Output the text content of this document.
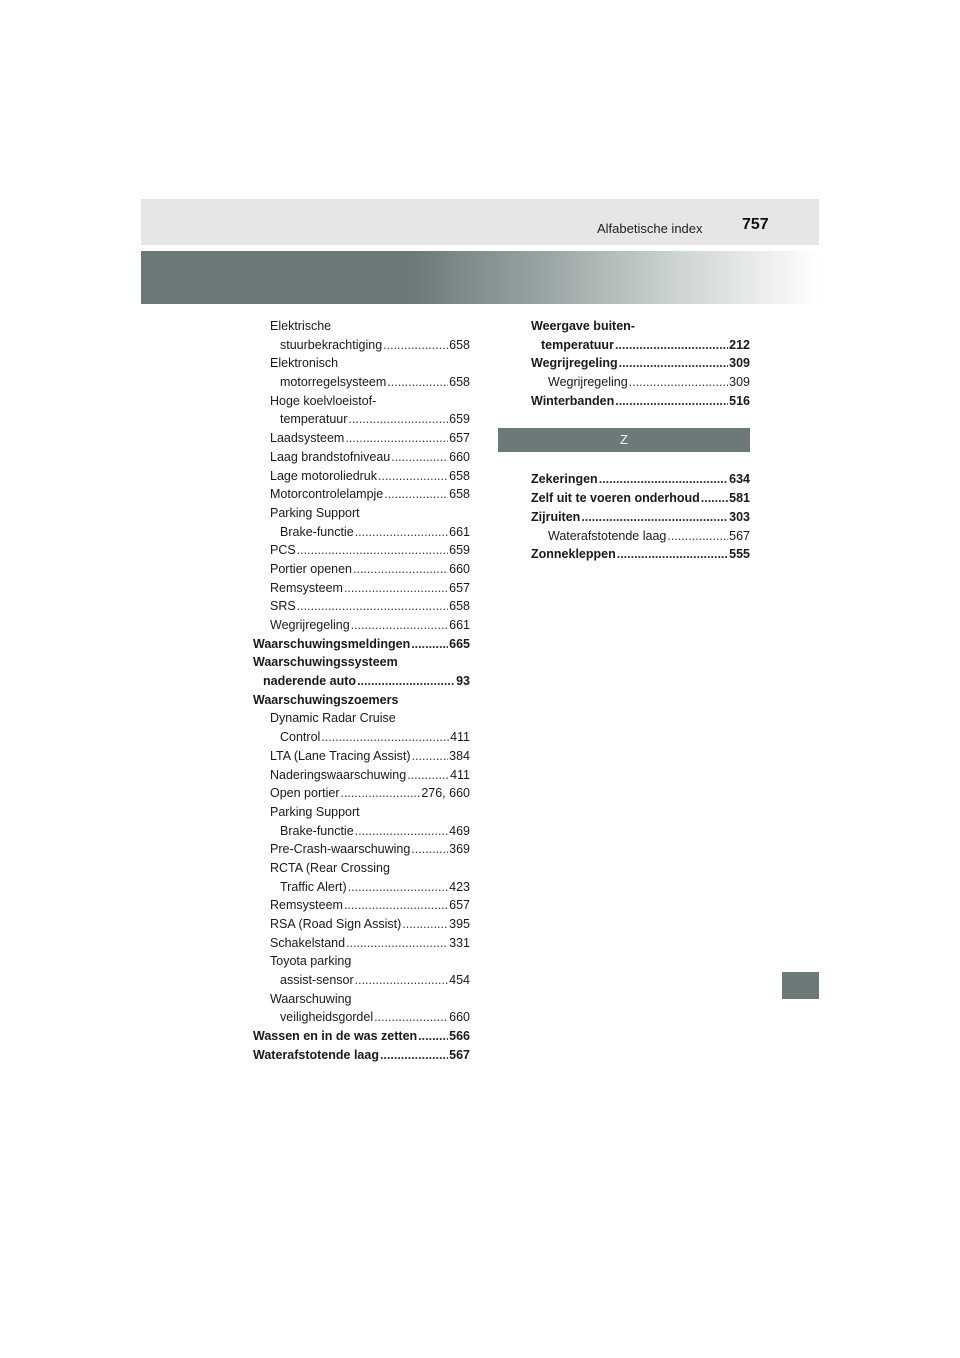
Alfabetische index 757
Elektrische
stuurbekrachtiging .....	658
Elektronisch
motorregelsysteem .....	658
Hoge koelvloeistof-
temperatuur .....	659
Laadsysteem .....	657
Laag brandstofniveau .....	660
Lage motoroliedruk .....	658
Motorcontrolelampje .....	658
Parking Support
Brake-functie .....	661
PCS .....	659
Portier openen .....	660
Remsysteem .....	657
SRS .....	658
Wegrijregeling .....	661
Waarschuwingsmeldingen .....	665
Waarschuwingssysteem
naderende auto .....	93
Waarschuwingszoemers
Dynamic Radar Cruise
Control .....	411
LTA (Lane Tracing Assist) .....	384
Naderingswaarschuwing .....	411
Open portier .....	276, 660
Parking Support
Brake-functie .....	469
Pre-Crash-waarschuwing .....	369
RCTA (Rear Crossing
Traffic Alert) .....	423
Remsysteem .....	657
RSA (Road Sign Assist) .....	395
Schakelstand .....	331
Toyota parking
assist-sensor .....	454
Waarschuwing
veiligheidsgordel .....	660
Wassen en in de was zetten .....	566
Waterafstotende laag .....	567
Weergave buiten-
temperatuur .....	212
Wegrijregeling .....	309
Wegrijregeling .....	309
Winterbanden .....	516
Z
Zekeringen .....	634
Zelf uit te voeren onderhoud ..... 581
Zijruiten .....	303
Waterafstotende laag .....	567
Zonnekleppen .....	555
